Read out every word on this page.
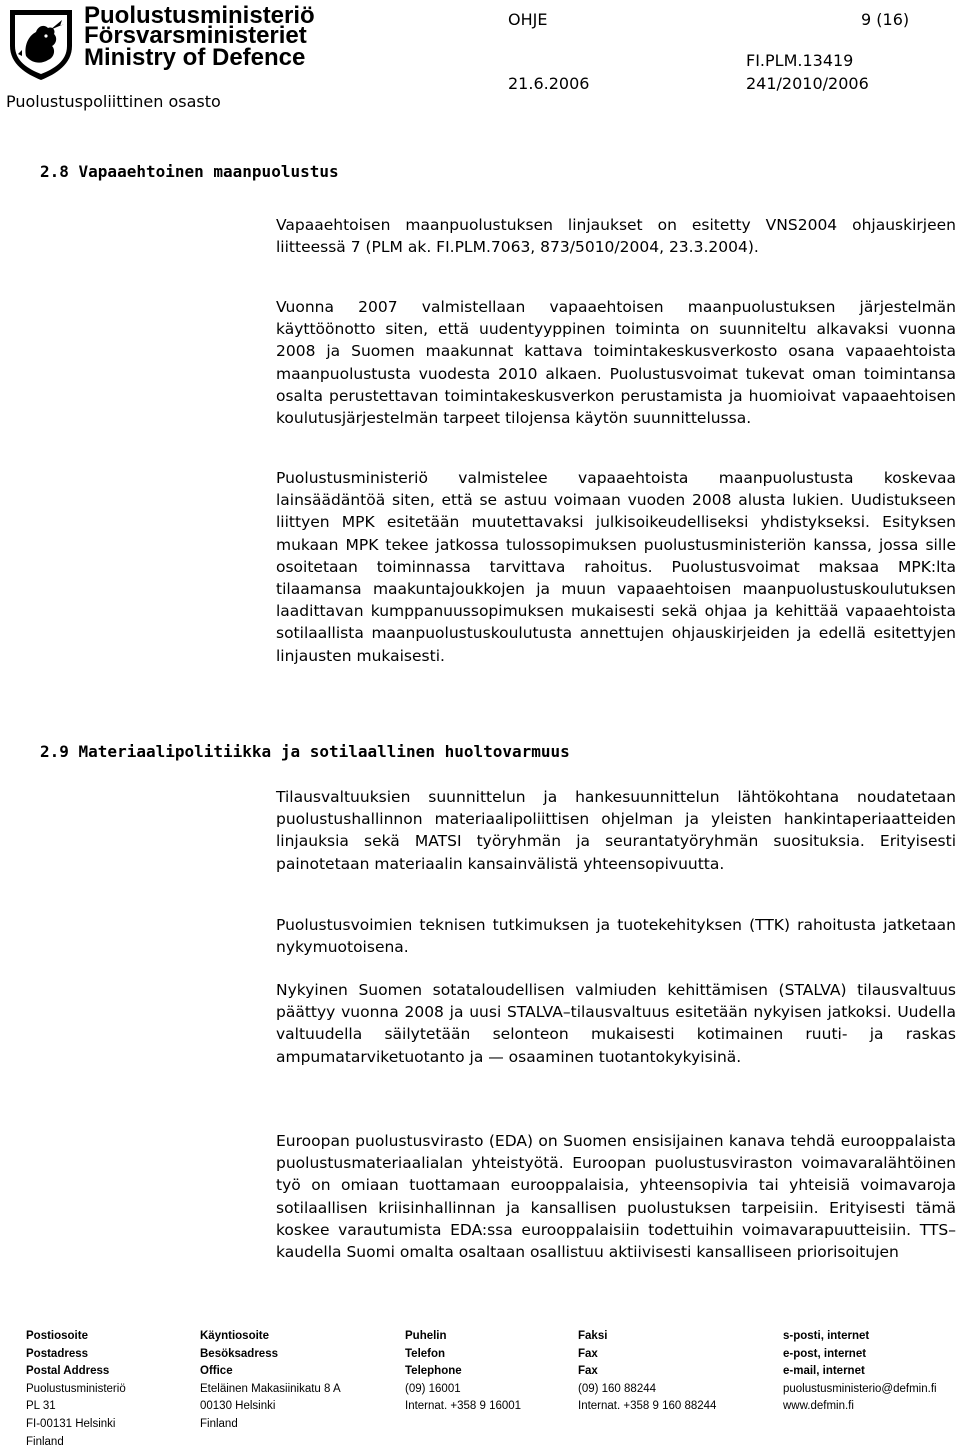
Puolustusministeriö
Försvarsministeriet
Ministry of Defence
Puolustuspoliittinen osasto
OHJE	9 (16)
FI.PLM.13419
21.6.2006	241/2010/2006
2.8 Vapaaehtoinen maanpuolustus

Vapaaehtoisen maanpuolustuksen linjaukset on esitetty VNS2004 ohjauskirjeen liitteessä 7 (PLM ak. FI.PLM.7063, 873/5010/2004, 23.3.2004).

Vuonna 2007 valmistellaan vapaaehtoisen maanpuolustuksen järjestelmän käyttöönotto siten, että uudentyyppinen toiminta on suunniteltu alkavaksi vuonna 2008 ja Suomen maakunnat kattava toimintakeskusverkosto osana vapaaehtoista maanpuolustusta vuodesta 2010 alkaen. Puolustusvoimat tukevat oman toimintansa osalta perustettavan toimintakeskusverkon perustamista ja huomioivat vapaaehtoisen koulutusjärjestelmän tarpeet tilojensa käytön suunnittelussa.

Puolustusministeriö valmistelee vapaaehtoista maanpuolustusta koskevaa lainsäädäntöä siten, että se astuu voimaan vuoden 2008 alusta lukien. Uudistukseen liittyen MPK esitetään muutettavaksi julkisoikeudelliseksi yhdistykseksi. Esityksen mukaan MPK tekee jatkossa tulossopimuksen puolustusministeriön kanssa, jossa sille osoitetaan toiminnassa tarvittava rahoitus. Puolustusvoimat maksaa MPK:lta tilaamansa maakuntajoukkojen ja muun vapaaehtoisen maanpuolustuskoulutuksen laadittavan kumppanuussopimuksen mukaisesti sekä ohjaa ja kehittää vapaaehtoista sotilaallista maanpuolustuskoulutusta annettujen ohjauskirjeiden ja edellä esitettyjen linjausten mukaisesti.

2.9 Materiaalipolitiikka ja sotilaallinen huoltovarmuus

Tilausvaltuuksien suunnittelun ja hankesuunnittelun lähtökohtana noudatetaan puolustushallinnon materiaalipoliittisen ohjelman ja yleisten hankintaperiaatteiden linjauksia sekä MATSI työryhmän ja seurantatyöryhmän suosituksia. Erityisesti painotetaan materiaalin kansainvälistä yhteensopivuutta.

Puolustusvoimien teknisen tutkimuksen ja tuotekehityksen (TTK) rahoitusta jatketaan nykymuotoisena.

Nykyinen Suomen sotataloudellisen valmiuden kehittämisen (STALVA) tilausvaltuus päättyy vuonna 2008 ja uusi STALVA–tilausvaltuus esitetään nykyisen jatkoksi. Uudella valtuudella säilytetään selonteon mukaisesti kotimainen ruuti- ja raskas ampumatarviketuotanto ja — osaaminen tuotantokykyisinä.

Euroopan puolustusvirasto (EDA) on Suomen ensisijainen kanava tehdä eurooppalaista puolustusmateriaalialan yhteistyötä. Euroopan puolustusviraston voimavaralähtöinen työ on omiaan tuottamaan eurooppalaisia, yhteensopivia tai yhteisiä voimavaroja sotilaallisen kriisinhallinnan ja kansallisen puolustuksen tarpeisiin. Erityisesti tämä koskee varautumista EDA:ssa eurooppalaisiin todettuihin voimavarapuutteisiin. TTS–kaudella Suomi omalta osaltaan osallistuu aktiivisesti kansalliseen priorisoitujen

Postiosoite
Postadress
Postal Address
Puolustusministeriö
PL 31
FI-00131 Helsinki
Finland
Käyntiosoite
Besöksadress
Office
Eteläinen Makasiinikatu 8 A
00130 Helsinki
Finland
Puhelin
Telefon
Telephone
(09) 16001
Internat. +358 9 16001
Faksi
Fax
Fax
(09) 160 88244
Internat. +358 9 160 88244
s-posti, internet
e-post, internet
e-mail, internet
puolustusministerio@defmin.fi
www.defmin.fi
